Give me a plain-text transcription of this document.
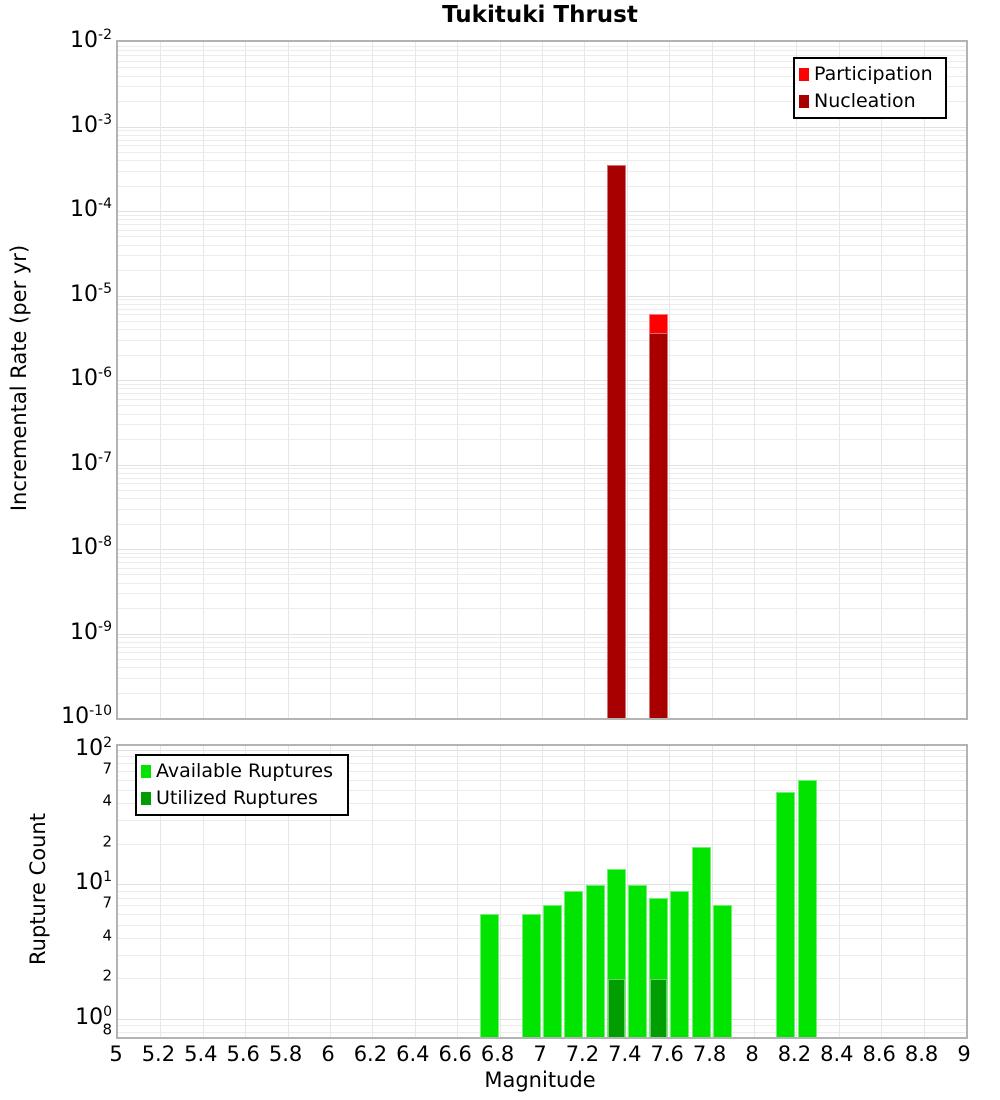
Tukituki Thrust
Incremental Rate (per yr)
Rupture Count
Participation
Nucleation
Available Ruptures
Utilized Ruptures
$10^{-2}$
$10^{-3}$
$10^{-4}$
$10^{-5}$
$10^{-6}$
$10^{-7}$
$10^{-8}$
$10^{-9}$
$10^{-10}$
$10^2$
$10^1$
$10^0$
7
4
2
7
4
2
8
5 5.2 5.4 5.6 5.8 6 6.2 6.4 6.6 6.8 7 7.2 7.4 7.6 7.8 8 8.2 8.4 8.6 8.8 9
Magnitude
